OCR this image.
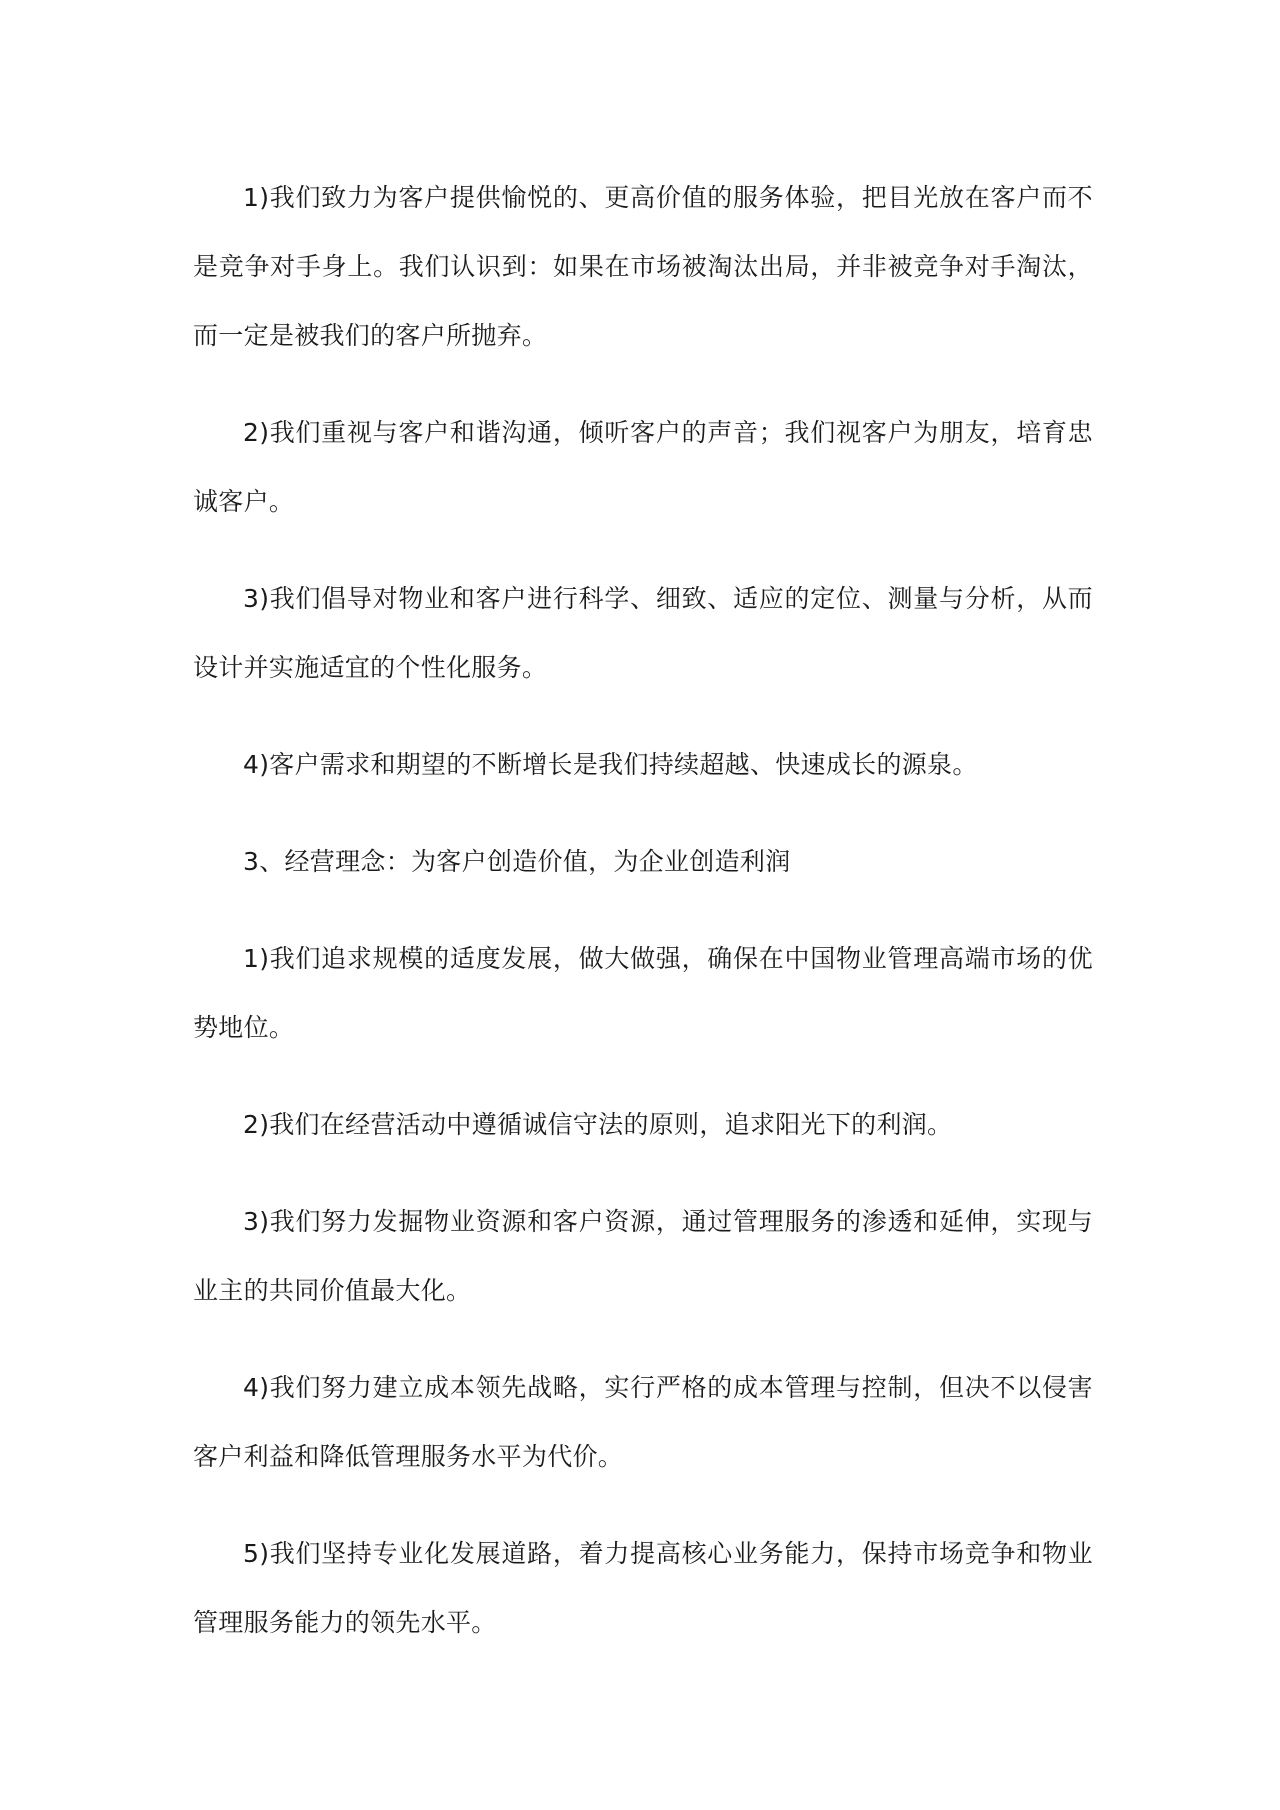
1)我们致力为客户提供愉悦的、更高价值的服务体验，把目光放在客户而不是竞争对手身上。我们认识到：如果在市场被淘汰出局，并非被竞争对手淘汰，而一定是被我们的客户所抛弃。

2)我们重视与客户和谐沟通，倾听客户的声音；我们视客户为朋友，培育忠诚客户。

3)我们倡导对物业和客户进行科学、细致、适应的定位、测量与分析，从而设计并实施适宜的个性化服务。

4)客户需求和期望的不断增长是我们持续超越、快速成长的源泉。

3、经营理念：为客户创造价值，为企业创造利润

1)我们追求规模的适度发展，做大做强，确保在中国物业管理高端市场的优势地位。

2)我们在经营活动中遵循诚信守法的原则，追求阳光下的利润。

3)我们努力发掘物业资源和客户资源，通过管理服务的渗透和延伸，实现与业主的共同价值最大化。

4)我们努力建立成本领先战略，实行严格的成本管理与控制，但决不以侵害客户利益和降低管理服务水平为代价。

5)我们坚持专业化发展道路，着力提高核心业务能力，保持市场竞争和物业管理服务能力的领先水平。
